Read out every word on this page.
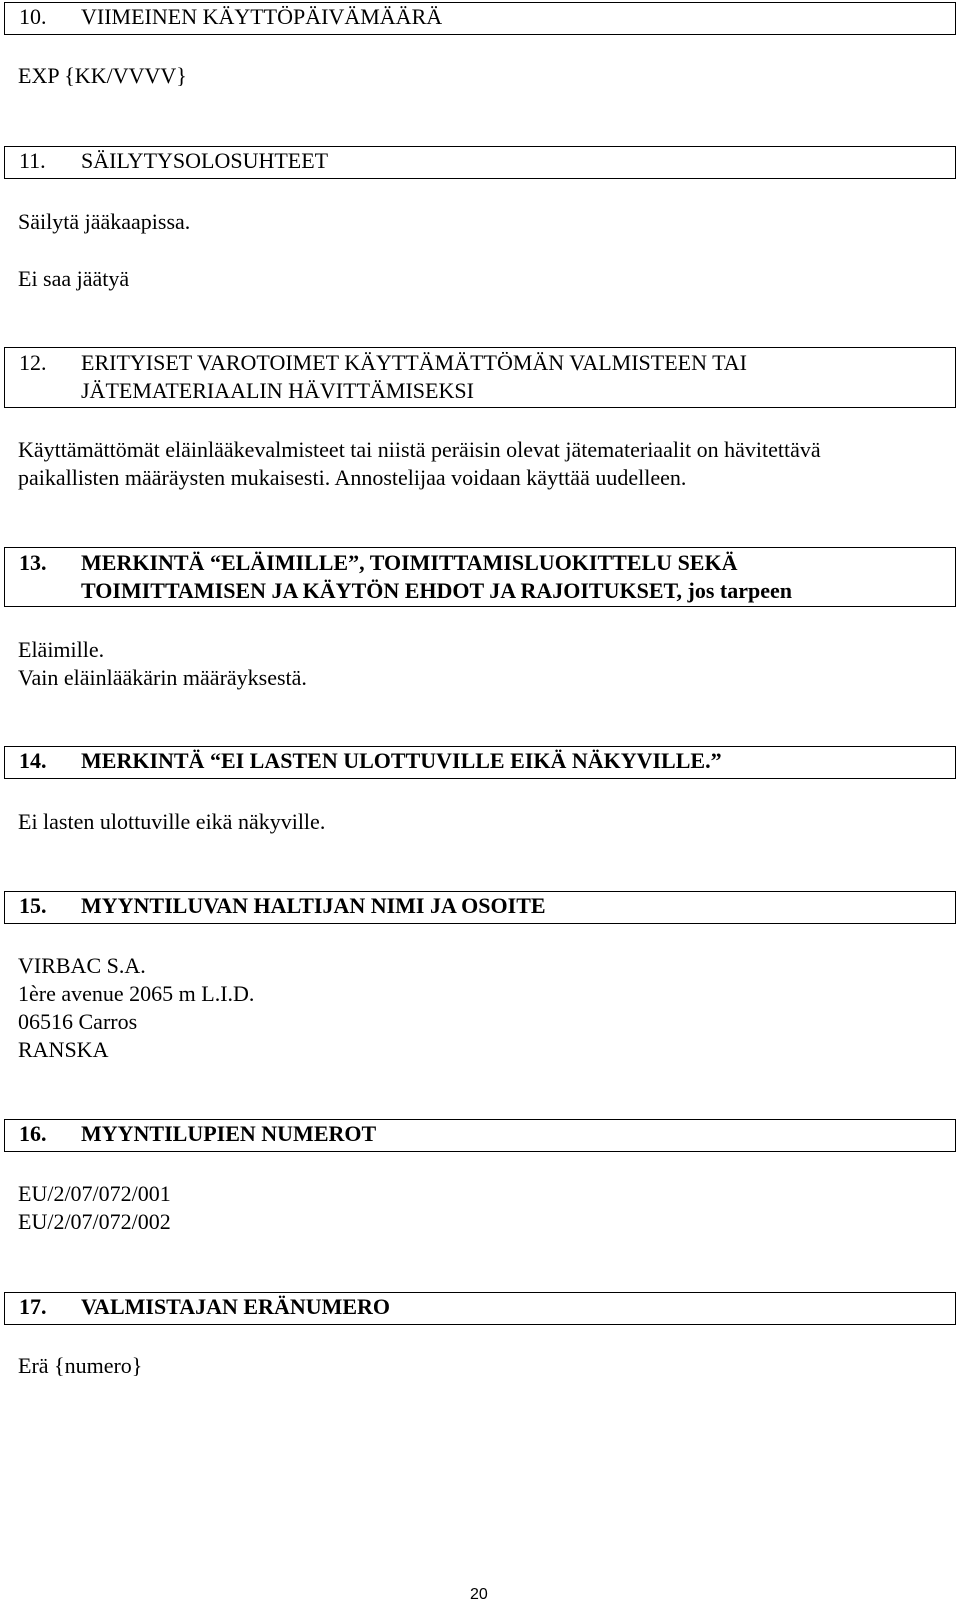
10. VIIMEINEN KÄYTTÖPÄIVÄMÄÄRÄ
EXP {KK/VVVV}
11. SÄILYTYSOLOSUHTEET
Säilytä jääkaapissa.
Ei saa jäätyä
12.	ERITYISET VAROTOIMET KÄYTTÄMÄTTÖMÄN VALMISTEEN TAI
JÄTEMATERIAALIN HÄVITTÄMISEKSI
Käyttämättömät eläinlääkevalmisteet tai niistä peräisin olevat jätemateriaalit on hävitettävä
paikallisten määräysten mukaisesti. Annostelijaa voidaan käyttää uudelleen.
13.	MERKINTÄ “ELÄIMILLE”, TOIMITTAMISLUOKITTELU SEKÄ
TOIMITTAMISEN JA KÄYTÖN EHDOT JA RAJOITUKSET, jos tarpeen
Eläimille.
Vain eläinlääkärin määräyksestä.
14. MERKINTÄ “EI LASTEN ULOTTUVILLE EIKÄ NÄKYVILLE.”
Ei lasten ulottuville eikä näkyville.
15. MYYNTILUVAN HALTIJAN NIMI JA OSOITE
VIRBAC S.A.
1ère avenue 2065 m L.I.D.
06516 Carros
RANSKA
16. MYYNTILUPIEN NUMEROT
EU/2/07/072/001
EU/2/07/072/002
17. VALMISTAJAN ERÄNUMERO
Erä {numero}
20
